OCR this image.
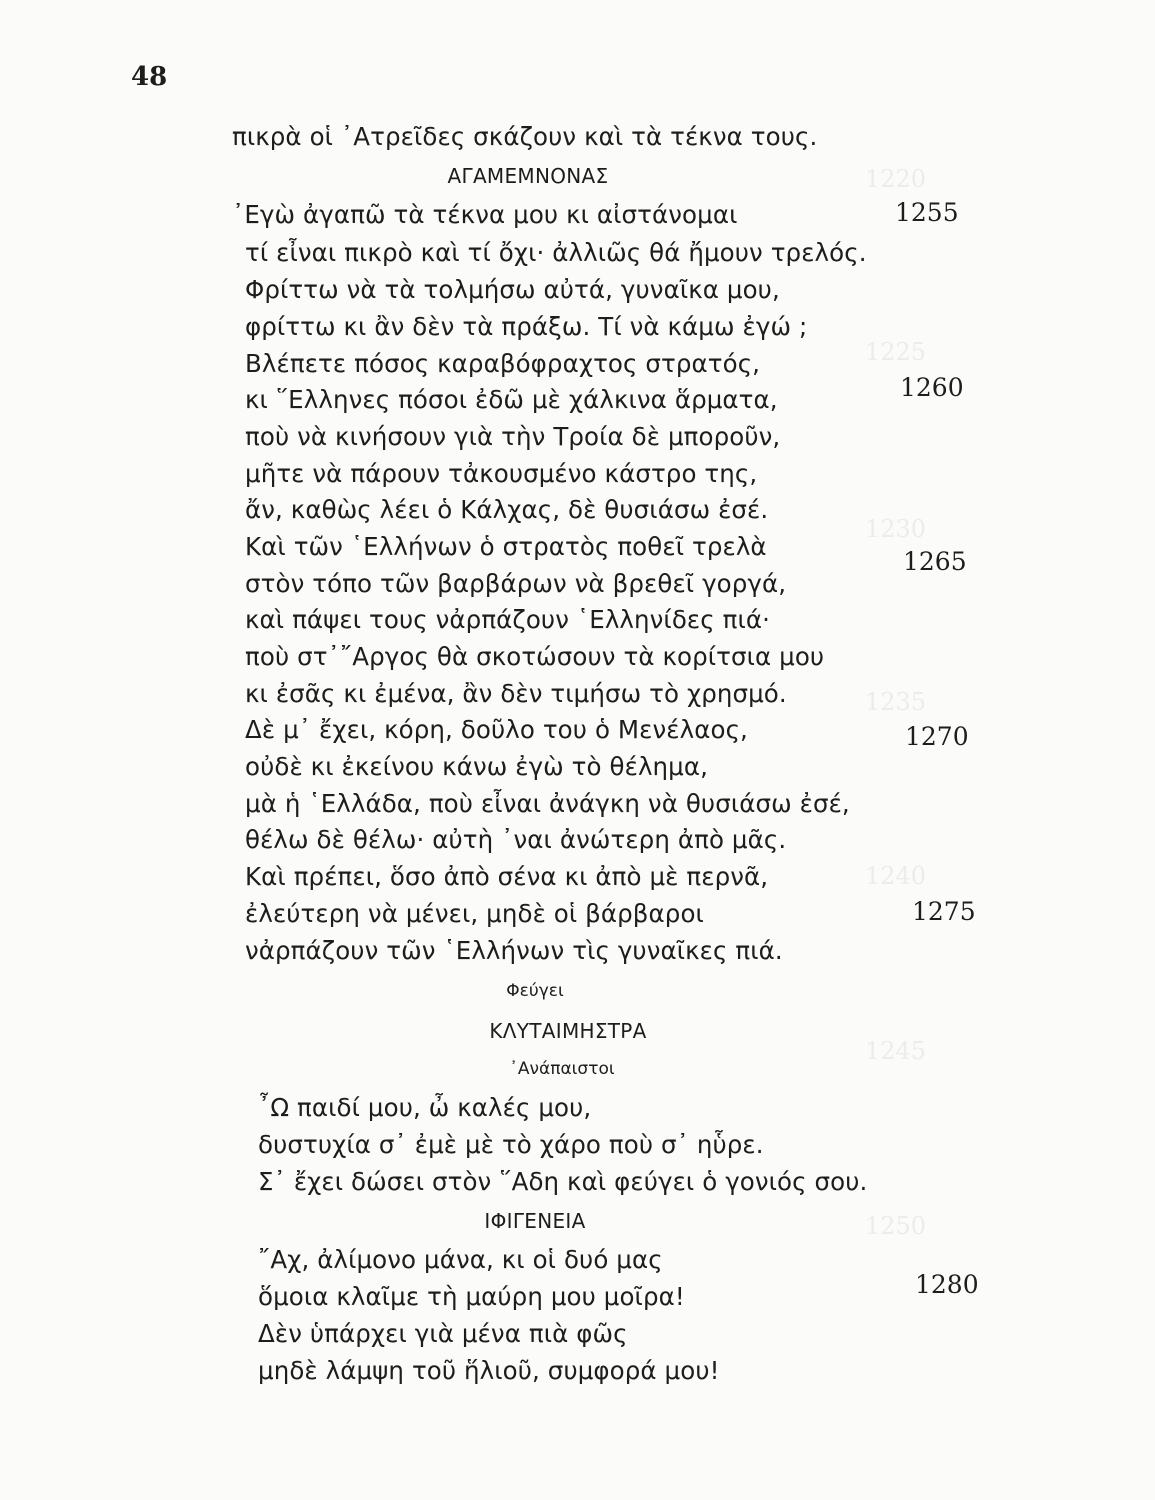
1220
1225
1230
1235
1240
1245
1250
48
πικρὰ οἱ ᾿Ατρεῖδες σκάζουν καὶ τὰ τέκνα τους.
ΑΓΑΜΕΜΝΟΝΑΣ
᾿Εγὼ ἀγαπῶ τὰ τέκνα μου κι αἰστάνομαι
τί εἶναι πικρὸ καὶ τί ὄχι· ἀλλιῶς θά ἤμουν τρελός.
Φρίττω νὰ τὰ τολμήσω αὐτά, γυναῖκα μου,
φρίττω κι ἂν δὲν τὰ πράξω. Τί νὰ κάμω ἐγώ ;
Βλέπετε πόσος καραβόφραχτος στρατός,
κι ῞Ελληνες πόσοι ἐδῶ μὲ χάλκινα ἅρματα,
ποὺ νὰ κινήσουν γιὰ τὴν Τροία δὲ μποροῦν,
μῆτε νὰ πάρουν τἀκουσμένο κάστρο της,
ἄν, καθὼς λέει ὁ Κάλχας, δὲ θυσιάσω ἐσέ.
Καὶ τῶν ῾Ελλήνων ὁ στρατὸς ποθεῖ τρελὰ
στὸν τόπο τῶν βαρβάρων νὰ βρεθεῖ γοργά,
καὶ πάψει τους νἀρπάζουν ῾Ελληνίδες πιά·
ποὺ στ᾿῎Αργος θὰ σκοτώσουν τὰ κορίτσια μου
κι ἐσᾶς κι ἐμένα, ἂν δὲν τιμήσω τὸ χρησμό.
Δὲ μ᾿ ἔχει, κόρη, δοῦλο του ὁ Μενέλαος,
οὐδὲ κι ἐκείνου κάνω ἐγὼ τὸ θέλημα,
μὰ ἡ ῾Ελλάδα, ποὺ εἶναι ἀνάγκη νὰ θυσιάσω ἐσέ,
θέλω δὲ θέλω· αὐτὴ ᾿ναι ἀνώτερη ἀπὸ μᾶς.
Καὶ πρέπει, ὅσο ἀπὸ σένα κι ἀπὸ μὲ περνᾶ,
ἐλεύτερη νὰ μένει, μηδὲ οἱ βάρβαροι
νἀρπάζουν τῶν ῾Ελλήνων τὶς γυναῖκες πιά.
Φεύγει
ΚΛΥΤΑΙΜΗΣΤΡΑ
᾿Ανάπαιστοι
῏Ω παιδί μου, ὦ καλές μου,
δυστυχία σ᾿ ἐμὲ μὲ τὸ χάρο ποὺ σ᾿ ηὗρε.
Σ᾿ ἔχει δώσει στὸν ῞Αδη καὶ φεύγει ὁ γονιός σου.
ΙΦΙΓΕΝΕΙΑ
῎Αχ, ἀλίμονο μάνα, κι οἱ δυό μας
ὅμοια κλαῖμε τὴ μαύρη μου μοῖρα!
Δὲν ὑπάρχει γιὰ μένα πιὰ φῶς
μηδὲ λάμψη τοῦ ἥλιοῦ, συμφορά μου!
1255
1260
1265
1270
1275
1280
